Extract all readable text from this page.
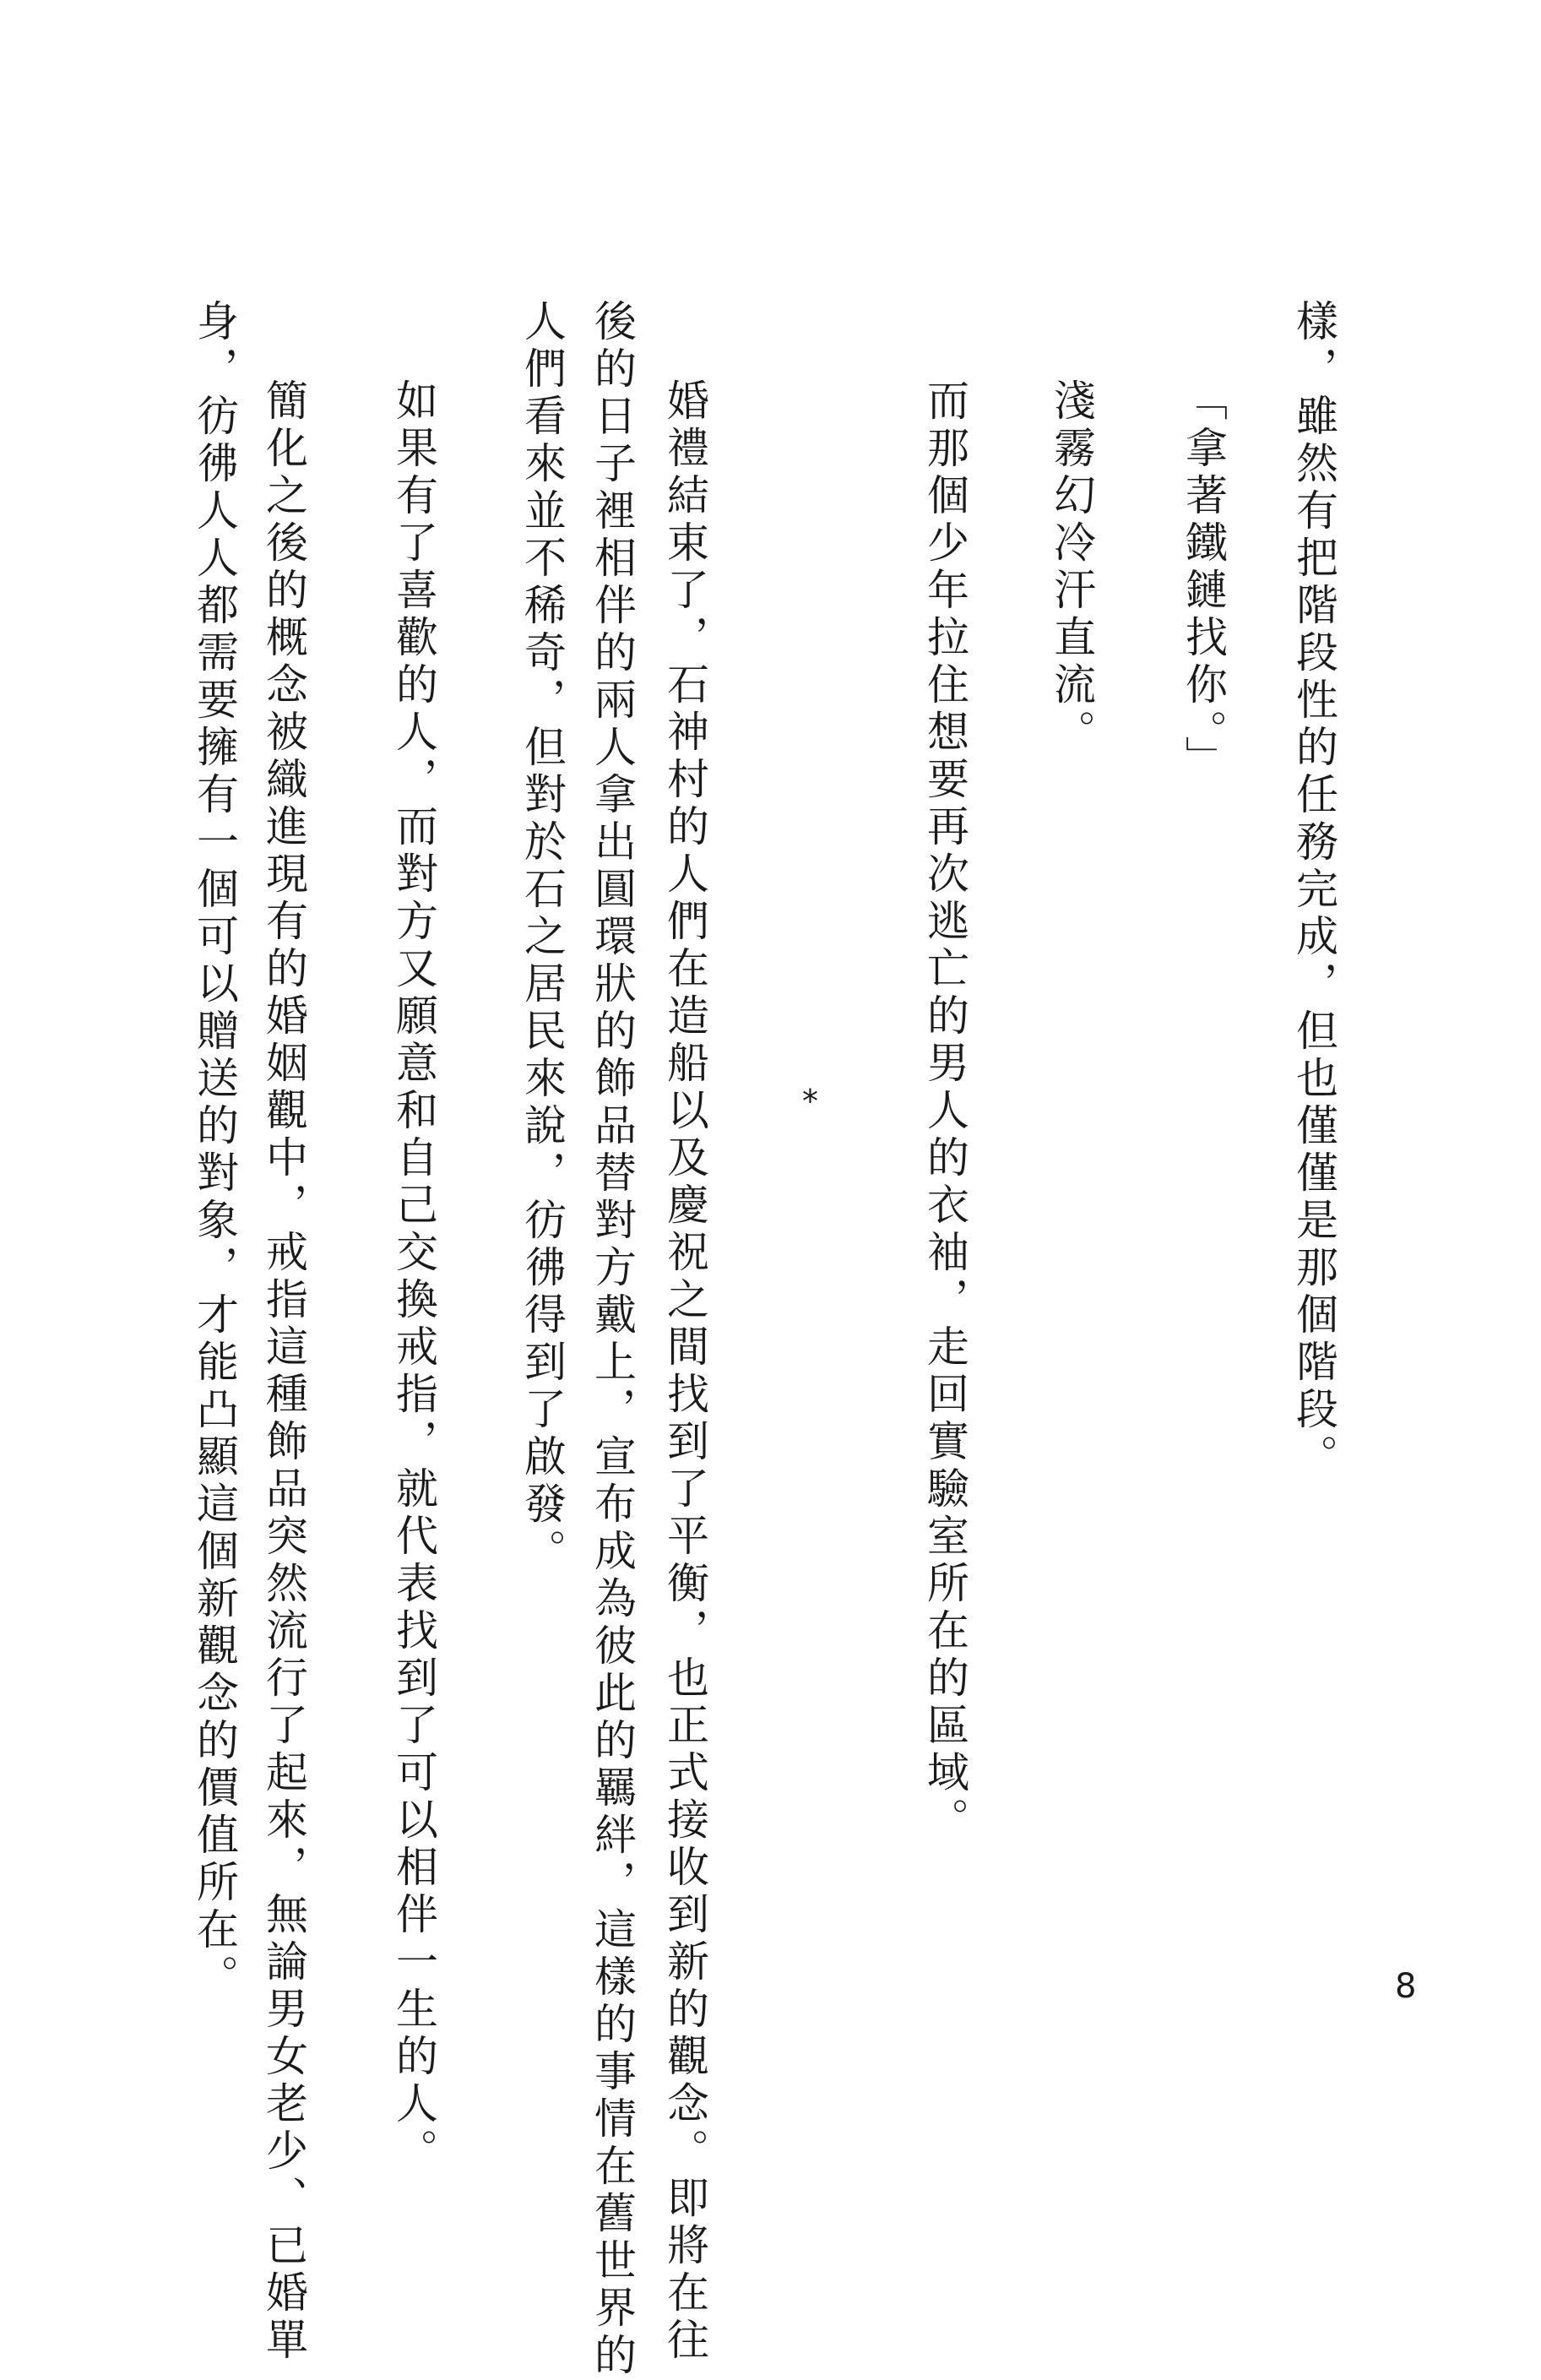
樣，雖然有把階段性的任務完成，但也僅僅是那個階段。
「拿著鐵鏈找你。」
淺霧幻冷汗直流。
而那個少年拉住想要再次逃亡的男人的衣袖，走回實驗室所在的區域。
*
婚禮結束了，石神村的人們在造船以及慶祝之間找到了平衡，也正式接收到新的觀念。即將在往
後的日子裡相伴的兩人拿出圓環狀的飾品替對方戴上，宣布成為彼此的羈絆，這樣的事情在舊世界的
人們看來並不稀奇，但對於石之居民來說，彷彿得到了啟發。
如果有了喜歡的人，而對方又願意和自己交換戒指，就代表找到了可以相伴一生的人。
簡化之後的概念被織進現有的婚姻觀中，戒指這種飾品突然流行了起來，無論男女老少、已婚單
身，彷彿人人都需要擁有一個可以贈送的對象，才能凸顯這個新觀念的價值所在。	8
